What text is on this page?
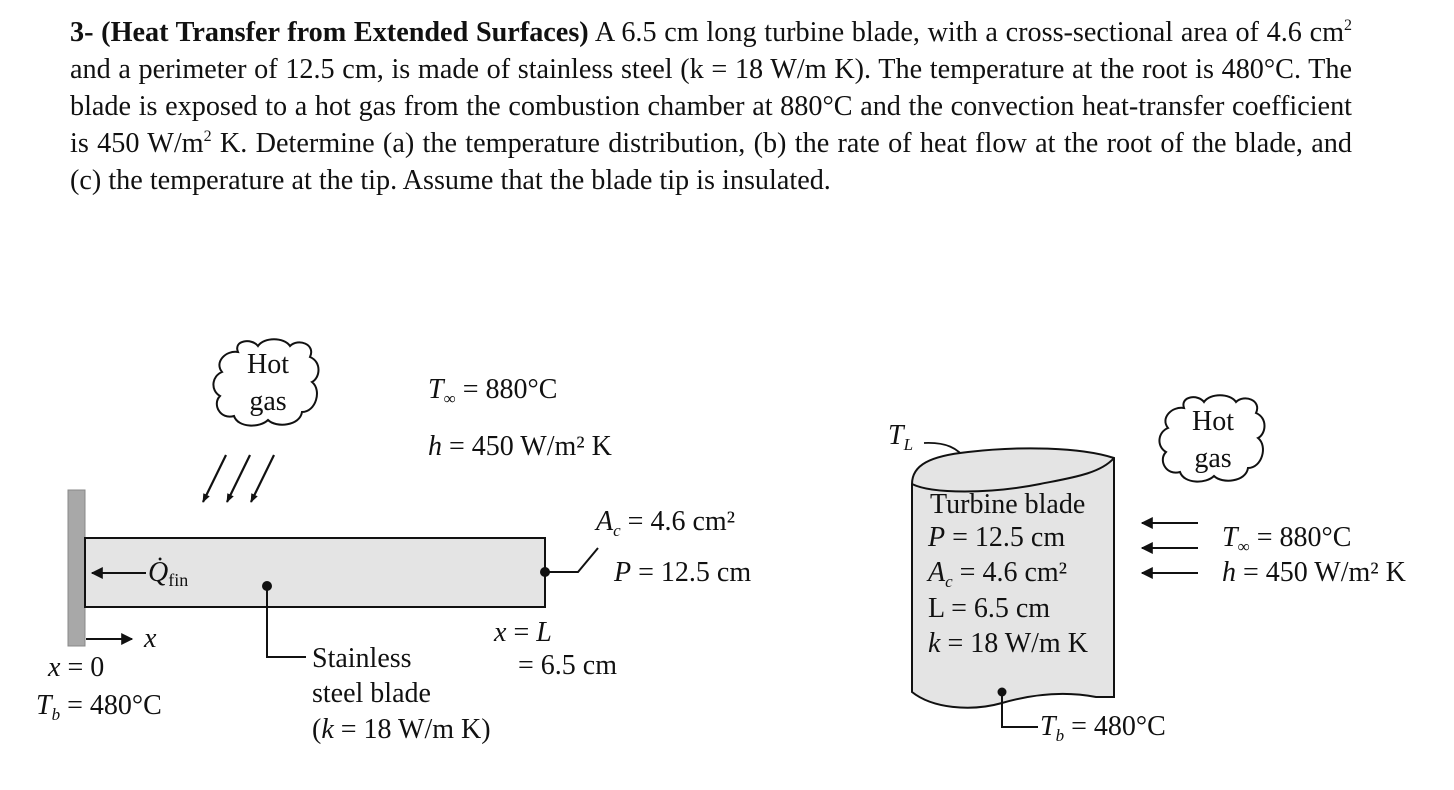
3- (Heat Transfer from Extended Surfaces) A 6.5 cm long turbine blade, with a cross-sectional area of 4.6 $cm^2$ and a perimeter of 12.5 cm, is made of stainless steel (k = 18 W/m K). The temperature at the root is 480°C. The blade is exposed to a hot gas from the combustion chamber at 880°C and the convection heat-transfer coefficient is 450 $W/m^2$ K. Determine (a) the temperature distribution, (b) the rate of heat flow at the root of the blade, and (c) the temperature at the tip. Assume that the blade tip is insulated.

Hot
gas	$T_\infty = 880^\circ C$
h = 450 W/m² K
Q̇fin
Stainless
steel blade
(k = 18 W/m K)
x
x = 0
$T_b = 480^\circ C$
$A_c = 4.6$ cm²
P = 12.5 cm
x = L
= 6.5 cm
$T_L$
Turbine blade
P = 12.5 cm
$A_c = 4.6$ cm²
L = 6.5 cm
k = 18 W/m K
$T_b = 480^\circ C$
Hot
gas
$T_\infty = 880^\circ C$
h = 450 W/m² K
